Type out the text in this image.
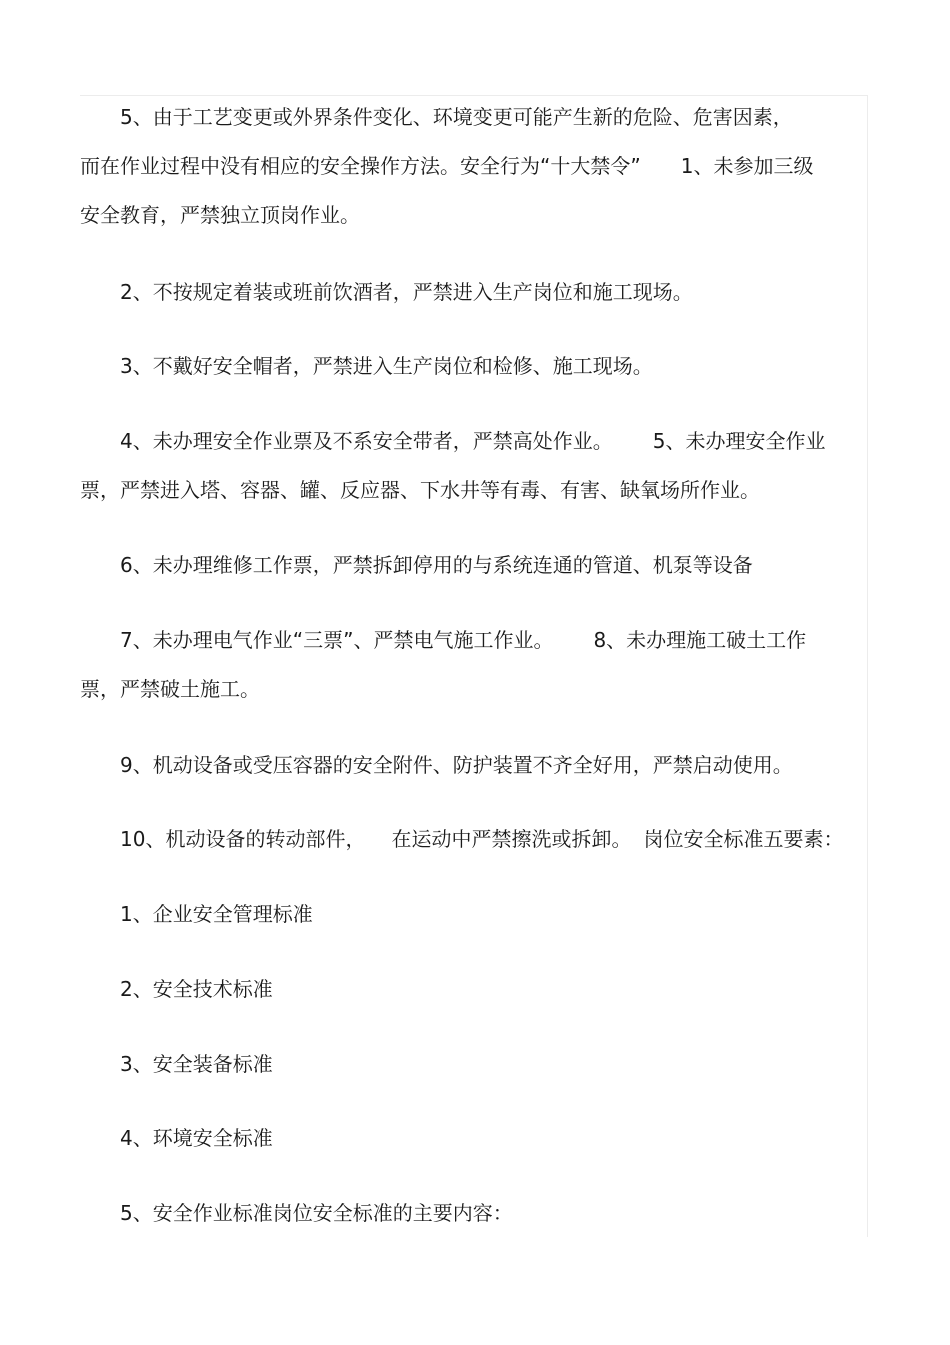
5、由于工艺变更或外界条件变化、环境变更可能产生新的危险、危害因素，
而在作业过程中没有相应的安全操作方法。安全行为“十大禁令” 1、未参加三级
安全教育，严禁独立顶岗作业。
2、不按规定着装或班前饮酒者，严禁进入生产岗位和施工现场。
3、不戴好安全帽者，严禁进入生产岗位和检修、施工现场。
4、未办理安全作业票及不系安全带者，严禁高处作业。 5、未办理安全作业
票，严禁进入塔、容器、罐、反应器、下水井等有毒、有害、缺氧场所作业。
6、未办理维修工作票，严禁拆卸停用的与系统连通的管道、机泵等设备
7、未办理电气作业“三票”、严禁电气施工作业。 8、未办理施工破土工作
票，严禁破土施工。
9、机动设备或受压容器的安全附件、防护装置不齐全好用，严禁启动使用。
10、机动设备的转动部件， 在运动中严禁擦洗或拆卸。 岗位安全标准五要素：
1、企业安全管理标准
2、安全技术标准
3、安全装备标准
4、环境安全标准
5、安全作业标准岗位安全标准的主要内容：
